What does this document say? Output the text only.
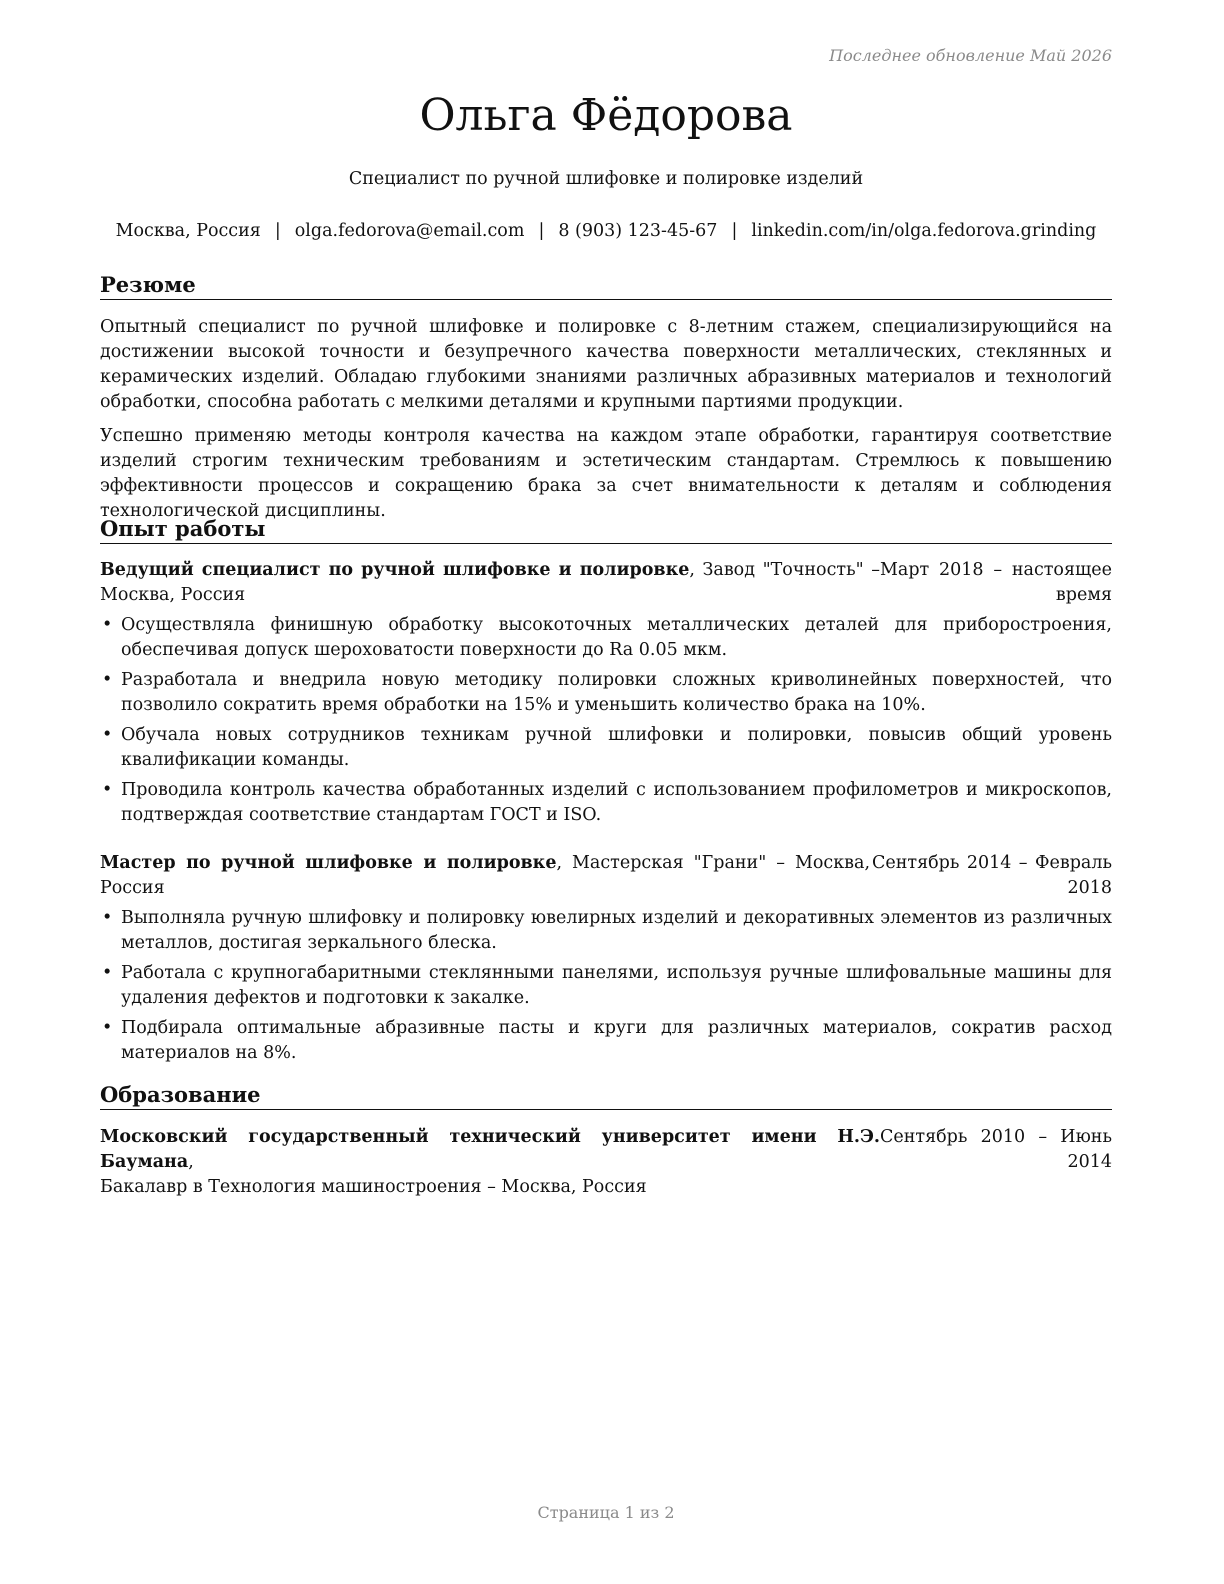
Последнее обновление Май 2026
Ольга Фёдорова
Специалист по ручной шлифовке и полировке изделий
Москва, Россия | olga.fedorova@email.com | 8 (903) 123-45-67 | linkedin.com/in/olga.fedorova.grinding
Резюме

Опытный специалист по ручной шлифовке и полировке с 8-летним стажем, специализирующийся на достижении высокой точности и безупречного качества поверхности металлических, стеклянных и керамических изделий. Обладаю глубокими знаниями различных абразивных материалов и технологий обработки, способна работать с мелкими деталями и крупными партиями продукции.

Успешно применяю методы контроля качества на каждом этапе обработки, гарантируя соответствие изделий строгим техническим требованиям и эстетическим стандартам. Стремлюсь к повышению эффективности процессов и сокращению брака за счет внимательности к деталям и соблюдения технологической дисциплины.

Опыт работы
Ведущий специалист по ручной шлифовке и полировке, Завод "Точность" –
Москва, Россия
Март 2018 – настоящее
время
• Осуществляла финишную обработку высокоточных металлических деталей для приборостроения, обеспечивая допуск шероховатости поверхности до Ra 0.05 мкм.
• Разработала и внедрила новую методику полировки сложных криволинейных поверхностей, что позволило сократить время обработки на 15% и уменьшить количество брака на 10%.
• Обучала новых сотрудников техникам ручной шлифовки и полировки, повысив общий уровень квалификации команды.
• Проводила контроль качества обработанных изделий с использованием профилометров и микроскопов, подтверждая соответствие стандартам ГОСТ и ISO.
Мастер по ручной шлифовке и полировке, Мастерская "Грани" – Москва, Россия
Сентябрь 2014 – Февраль
2018
• Выполняла ручную шлифовку и полировку ювелирных изделий и декоративных элементов из различных металлов, достигая зеркального блеска.
• Работала с крупногабаритными стеклянными панелями, используя ручные шлифовальные машины для удаления дефектов и подготовки к закалке.
• Подбирала оптимальные абразивные пасты и круги для различных материалов, сократив расход материалов на 8%.
Образование
Московский государственный технический университет имени Н.Э. Баумана,
Бакалавр в Технология машиностроения – Москва, Россия
Сентябрь 2010 – Июнь
2014
Страница 1 из 2
